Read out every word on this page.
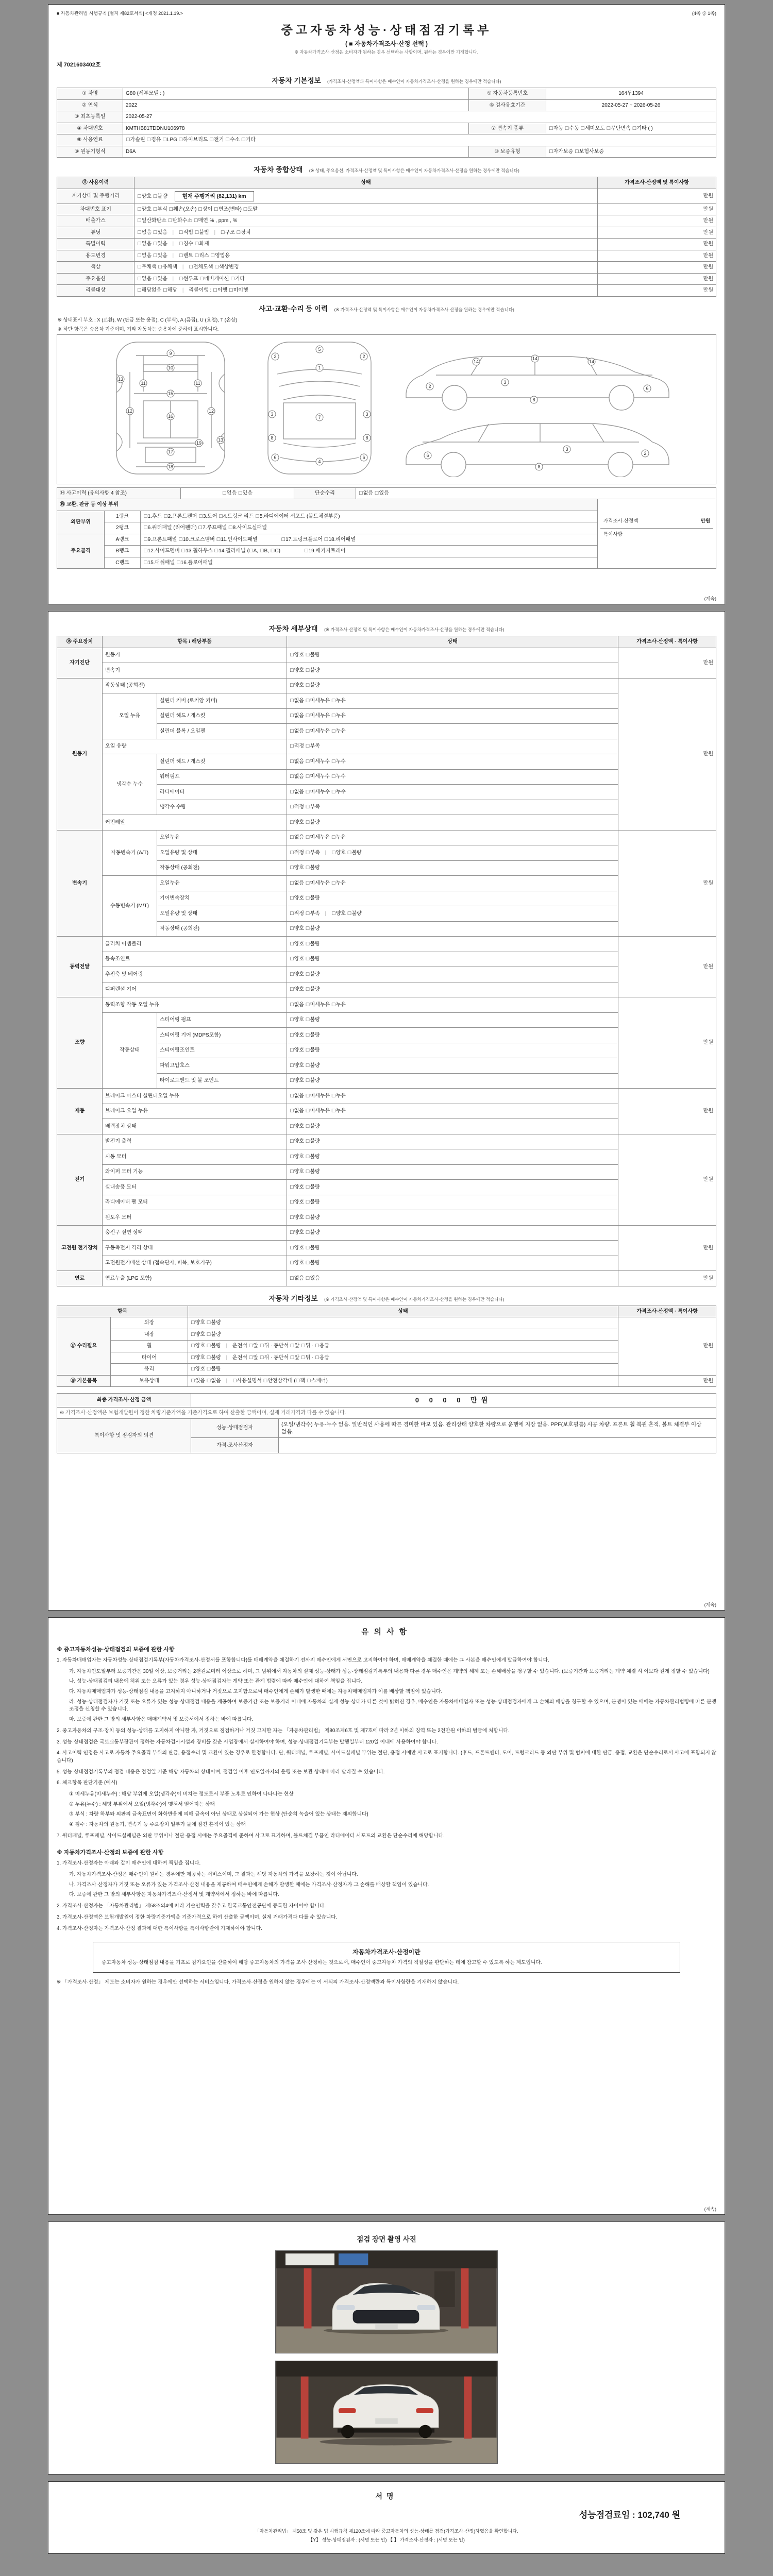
■ 자동차관리법 시행규칙 [별지 제82호서식] <개정 2021.1.19.>	(4쪽 중 1쪽)
중고자동차성능·상태점검기록부
( ■ 자동차가격조사·산정 선택 )
※ 자동차가격조사·산정은 소비자가 원하는 경우 선택하는 사항이며, 원하는 경우에만 기재합니다.
제 7021603402호
자동차 기본정보 (가격조사·산정액과 특이사항은 매수인이 자동차가격조사·산정을 원하는 경우에만 적습니다)
① 차명	G80 (세부모델 : )	⑤ 자동차등록번호	164두1394
② 연식	2022	⑥ 검사유효기간	2022-05-27 ~ 2026-05-26
③ 최초등록일	2022-05-27		
④ 차대번호	KMTHB81TDDNU106978	⑦ 변속기 종류	□자동 □수동 □세미오토 □무단변속 □기타 ( )
⑧ 사용연료	□가솔린 □경유 □LPG □하이브리드 □전기 □수소 □기타		
⑨ 원동기형식	D6A	⑩ 보증유형	□자가보증 □보험사보증
자동차 종합상태 (※ 상태, 주요옵션, 가격조사·산정액 및 특이사항은 매수인이 자동차가격조사·산정을 원하는 경우에만 적습니다)
⑪ 사용이력	상태	가격조사·산정액 및 특이사항
계기상태 및 주행거리	□양호 □불량 현재 주행거리 (82,131) km	만원
차대번호 표기	□양호 □부식 □훼손(오손) □상이 □변조(변타) □도말	만원
배출가스	□일산화탄소 □탄화수소 □매연 % , ppm , %	만원
튜닝	□없음 □있음 | □적법 □불법 | □구조 □장치	만원
특별이력	□없음 □있음 | □침수 □화재	만원
용도변경	□없음 □있음 | □렌트 □리스 □영업용	만원
색상	□무채색 □유채색 | □전체도색 □색상변경	만원
주요옵션	□없음 □있음 | □썬루프 □네비게이션 □기타	만원
리콜대상	□해당없음 □해당 | 리콜이행 : □이행 □미이행	만원
사고·교환·수리 등 이력 (※ 가격조사·산정액 및 특이사항은 매수인이 자동차가격조사·산정을 원하는 경우에만 적습니다)
※ 상태표시 부호 : X (교환), W (판금 또는 용접), C (부식), A (흠집), U (요철), T (손상)
※ 하단 항목은 승용차 기준이며, 기타 자동차는 승용차에 준하여 표시합니다.
9
10
11	11
12	12
13
13
15
16
17
18
19
5
1
2	2
3	3
7
8	8
6	6
4
2
3
6
8
14
14
14
2
3
6
8
⑭ 사고이력 (유의사항 4 참조)	□없음 □있음	단순수리	□없음 □있음
⑮ 교환, 판금 등 이상 부위			가격조사·산정액 만원
특이사항

외판부위	1랭크	□1.후드 □2.프론트펜더 □3.도어 □4.트렁크 리드 □5.라디에이터 서포트 (볼트체결부품)	
	2랭크	□6.쿼터패널 (리어펜더) □7.루프패널 □8.사이드실패널	
주요골격	A랭크	□9.프론트패널 □10.크로스멤버 □11.인사이드패널 □17.트렁크플로어 □18.리어패널	
	B랭크	□12.사이드멤버 □13.휠하우스 □14.필러패널 (□A, □B, □C) □19.패키지트레이	
	C랭크	□15.대쉬패널 □16.플로어패널	
(계속)
자동차 세부상태 (※ 가격조사·산정액 및 특이사항은 매수인이 자동차가격조사·산정을 원하는 경우에만 적습니다)
⑯ 주요장치	항목 / 해당부품		상태	가격조사·산정액 · 특이사항
자기진단	원동기		□양호 □불량	만원
	변속기		□양호 □불량	
원동기	작동상태 (공회전)		□양호 □불량	만원
	오일 누유	실린더 커버 (로커암 커버)	□없음 □미세누유 □누유	
		실린더 헤드 / 개스킷	□없음 □미세누유 □누유	
		실린더 블록 / 오일팬	□없음 □미세누유 □누유	
	오일 유량		□적정 □부족	
	냉각수 누수	실린더 헤드 / 개스킷	□없음 □미세누수 □누수	
		워터펌프	□없음 □미세누수 □누수	
		라디에이터	□없음 □미세누수 □누수	
		냉각수 수량	□적정 □부족	
	커먼레일		□양호 □불량	
변속기	자동변속기 (A/T)	오일누유	□없음 □미세누유 □누유	만원
		오일유량 및 상태	□적정 □부족 | □양호 □불량	
		작동상태 (공회전)	□양호 □불량	
	수동변속기 (M/T)	오일누유	□없음 □미세누유 □누유	
		기어변속장치	□양호 □불량	
		오일유량 및 상태	□적정 □부족 | □양호 □불량	
		작동상태 (공회전)	□양호 □불량	
동력전달	클러치 어셈블리		□양호 □불량	만원
	등속조인트		□양호 □불량	
	추진축 및 베어링		□양호 □불량	
	디퍼렌셜 기어		□양호 □불량	
조향	동력조향 작동 오일 누유		□없음 □미세누유 □누유	만원
	작동상태	스티어링 펌프	□양호 □불량	
		스티어링 기어 (MDPS포함)	□양호 □불량	
		스티어링조인트	□양호 □불량	
		파워고압호스	□양호 □불량	
		타이로드엔드 및 볼 조인트	□양호 □불량	
제동	브레이크 마스터 실린더오일 누유		□없음 □미세누유 □누유	만원
	브레이크 오일 누유		□없음 □미세누유 □누유	
	배력장치 상태		□양호 □불량	
전기	발전기 출력		□양호 □불량	만원
	시동 모터		□양호 □불량	
	와이퍼 모터 기능		□양호 □불량	
	실내송풍 모터		□양호 □불량	
	라디에이터 팬 모터		□양호 □불량	
	윈도우 모터		□양호 □불량	
고전원 전기장치	충전구 절연 상태		□양호 □불량	만원
	구동축전지 격리 상태		□양호 □불량	
	고전원전기배선 상태 (접속단자, 피복, 보호기구)		□양호 □불량	
연료	연료누출 (LPG 포함)		□없음 □있음	만원
자동차 기타정보 (※ 가격조사·산정액 및 특이사항은 매수인이 자동차가격조사·산정을 원하는 경우에만 적습니다)
항목		상태	가격조사·산정액 · 특이사항
⑰ 수리필요	외장	□양호 □불량	만원
	내장	□양호 □불량	
	휠	□양호 □불량 | 운전석 □앞 □뒤 · 동반석 □앞 □뒤 · □응급	
	타이어	□양호 □불량 | 운전석 □앞 □뒤 · 동반석 □앞 □뒤 · □응급	
	유리	□양호 □불량	
⑱ 기본품목	보유상태	□있음 □없음 | □사용설명서 □안전삼각대 (□잭 □스패너)	만원
최종 가격조사·산정 금액	0 0 0 0 만원	
※ 가격조사·산정액은 보험개발원이 정한 차량기준가액을 기준가격으로 하여 산출한 금액이며, 실제 거래가격과 다를 수 있습니다.		
특이사항 및 점검자의 의견	성능·상태점검자	(오일/냉각수) 누유·누수 없음. 일반적인 사용에 따른 경미한 마모 있음. 관리상태 양호한 차량으로 운행에 지장 없음. PPF(보호필름) 시공 차량. 프론트 휠 복원 흔적, 볼트 체결부 이상 없음.
	가격·조사산정자	
(계속)
유의사항
※ 중고자동차성능·상태점검의 보증에 관한 사항
1. 자동차매매업자는 자동차성능·상태점검기록부(자동차가격조사·산정서를 포함합니다)를 매매계약을 체결하기 전까지 매수인에게 서면으로 고지하여야 하며, 매매계약을 체결한 때에는 그 사본을 매수인에게 발급하여야 합니다.
가. 자동차인도일부터 보증기간은 30일 이상, 보증거리는 2천킬로미터 이상으로 하며, 그 범위에서 자동차의 실제 성능·상태가 성능·상태점검기록부의 내용과 다른 경우 매수인은 계약의 해제 또는 손해배상을 청구할 수 있습니다. (보증기간과 보증거리는 계약 체결 시 이보다 길게 정할 수 있습니다)
나. 성능·상태점검의 내용에 허위 또는 오류가 있는 경우 성능·상태점검자는 계약 또는 관계 법령에 따라 매수인에 대하여 책임을 집니다.
다. 자동차매매업자가 성능·상태점검 내용을 고지하지 아니하거나 거짓으로 고지함으로써 매수인에게 손해가 발생한 때에는 자동차매매업자가 이를 배상할 책임이 있습니다.
라. 성능·상태점검자가 거짓 또는 오류가 있는 성능·상태점검 내용을 제공하여 보증기간 또는 보증거리 이내에 자동차의 실제 성능·상태가 다른 것이 밝혀진 경우, 매수인은 자동차매매업자 또는 성능·상태점검자에게 그 손해의 배상을 청구할 수 있으며, 분쟁이 있는 때에는 자동차관리법령에 따른 분쟁조정을 신청할 수 있습니다.
마. 보증에 관한 그 밖의 세부사항은 매매계약서 및 보증서에서 정하는 바에 따릅니다.
2. 중고자동차의 구조·장치 등의 성능·상태를 고지하지 아니한 자, 거짓으로 점검하거나 거짓 고지한 자는 「자동차관리법」 제80조제6호 및 제7호에 따라 2년 이하의 징역 또는 2천만원 이하의 벌금에 처합니다.
3. 성능·상태점검은 국토교통부장관이 정하는 자동차검사시설과 장비를 갖춘 사업장에서 실시하여야 하며, 성능·상태점검기록부는 발행일부터 120일 이내에 사용하여야 합니다.
4. 사고이력 인정은 사고로 자동차 주요골격 부위의 판금, 용접수리 및 교환이 있는 경우로 한정합니다. 단, 쿼터패널, 루프패널, 사이드실패널 부위는 절단, 용접 시에만 사고로 표기합니다. (후드, 프론트펜더, 도어, 트렁크리드 등 외판 부위 및 범퍼에 대한 판금, 용접, 교환은 단순수리로서 사고에 포함되지 않습니다)
5. 성능·상태점검기록부의 점검 내용은 점검일 기준 해당 자동차의 상태이며, 점검일 이후 인도일까지의 운행 또는 보관 상태에 따라 달라질 수 있습니다.
6. 체크항목 판단기준 (예시)
① 미세누유(미세누수) : 해당 부위에 오일(냉각수)이 비치는 정도로서 부품 노후로 인하여 나타나는 현상
② 누유(누수) : 해당 부위에서 오일(냉각수)이 맺혀서 떨어지는 상태
③ 부식 : 차량 하부와 외판의 금속표면이 화학반응에 의해 금속이 아닌 상태로 상실되어 가는 현상 (단순히 녹슬어 있는 상태는 제외합니다)
④ 침수 : 자동차의 원동기, 변속기 등 주요장치 일부가 물에 잠긴 흔적이 있는 상태
7. 쿼터패널, 루프패널, 사이드실패널은 외판 부위이나 절단·용접 시에는 주요골격에 준하여 사고로 표기하며, 볼트체결 부품인 라디에이터 서포트의 교환은 단순수리에 해당합니다.
※ 자동차가격조사·산정의 보증에 관한 사항
1. 가격조사·산정자는 아래와 같이 매수인에 대하여 책임을 집니다.
가. 자동차가격조사·산정은 매수인이 원하는 경우에만 제공하는 서비스이며, 그 결과는 해당 자동차의 가격을 보장하는 것이 아닙니다.
나. 가격조사·산정자가 거짓 또는 오류가 있는 가격조사·산정 내용을 제공하여 매수인에게 손해가 발생한 때에는 가격조사·산정자가 그 손해를 배상할 책임이 있습니다.
다. 보증에 관한 그 밖의 세부사항은 자동차가격조사·산정서 및 계약서에서 정하는 바에 따릅니다.
2. 가격조사·산정자는 「자동차관리법」 제58조의4에 따라 기술인력을 갖추고 한국교통안전공단에 등록한 자이어야 합니다.
3. 가격조사·산정액은 보험개발원이 정한 차량기준가액을 기준가격으로 하여 산출한 금액이며, 실제 거래가격과 다를 수 있습니다.
4. 가격조사·산정자는 가격조사·산정 결과에 대한 특이사항을 특이사항란에 기재하여야 합니다.
자동차가격조사·산정이란
중고자동차 성능·상태점검 내용을 기초로 감가요인을 산출하여 해당 중고자동차의 가격을 조사·산정하는 것으로서, 매수인이 중고자동차 가격의 적절성을 판단하는 데에 참고할 수 있도록 하는 제도입니다.
※ 「가격조사·산정」 제도는 소비자가 원하는 경우에만 선택하는 서비스입니다. 가격조사·산정을 원하지 않는 경우에는 이 서식의 가격조사·산정액란과 특이사항란을 기재하지 않습니다.
(계속)
점검 장면 촬영 사진
서명
성능점검료임 : 102,740 원
「자동차관리법」 제58조 및 같은 법 시행규칙 제120조에 따라 중고자동차의 성능·상태를 점검(가격조사·산정)하였음을 확인합니다.
【Y】 성능·상태점검자 : (서명 또는 인) 【 】 가격조사·산정자 : (서명 또는 인)
